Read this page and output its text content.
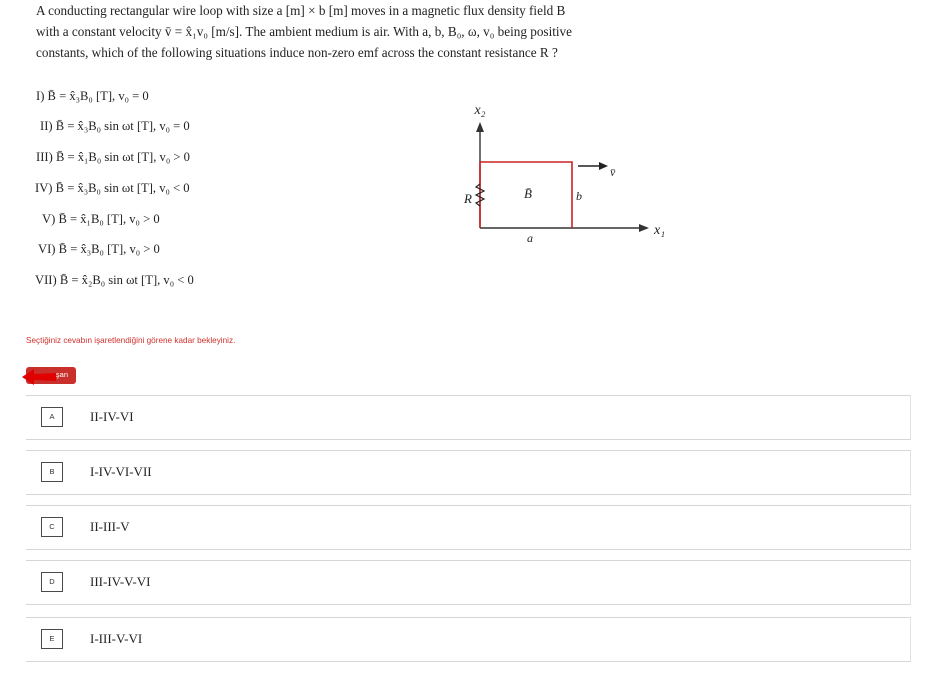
A conducting rectangular wire loop with size a [m] × b [m] moves in a magnetic flux density field B
with a constant velocity v̄ = x̂₁v₀ [m/s]. The ambient medium is air. With a, b, B₀, ω, v₀ being positive
constants, which of the following situations induce non-zero emf across the constant resistance R ?
I) B̄ = x̂₃B₀ [T], v₀ = 0
II) B̄ = x̂₃B₀ sin ωt [T], v₀ = 0
III) B̄ = x̂₁B₀ sin ωt [T], v₀ > 0
IV) B̄ = x̂₃B₀ sin ωt [T], v₀ < 0
V) B̄ = x̂₁B₀ [T], v₀ > 0
VI) B̄ = x̂₃B₀ [T], v₀ > 0
VII) B̄ = x̂₂B₀ sin ωt [T], v₀ < 0
x₂
x₁
R	B̄	b
a
v̄
Seçtiğiniz cevabın işaretlendiğini görene kadar bekleyiniz.
şan
A	II-IV-VI
B	I-IV-VI-VII
C	II-III-V
D	III-IV-V-VI
E	I-III-V-VI
